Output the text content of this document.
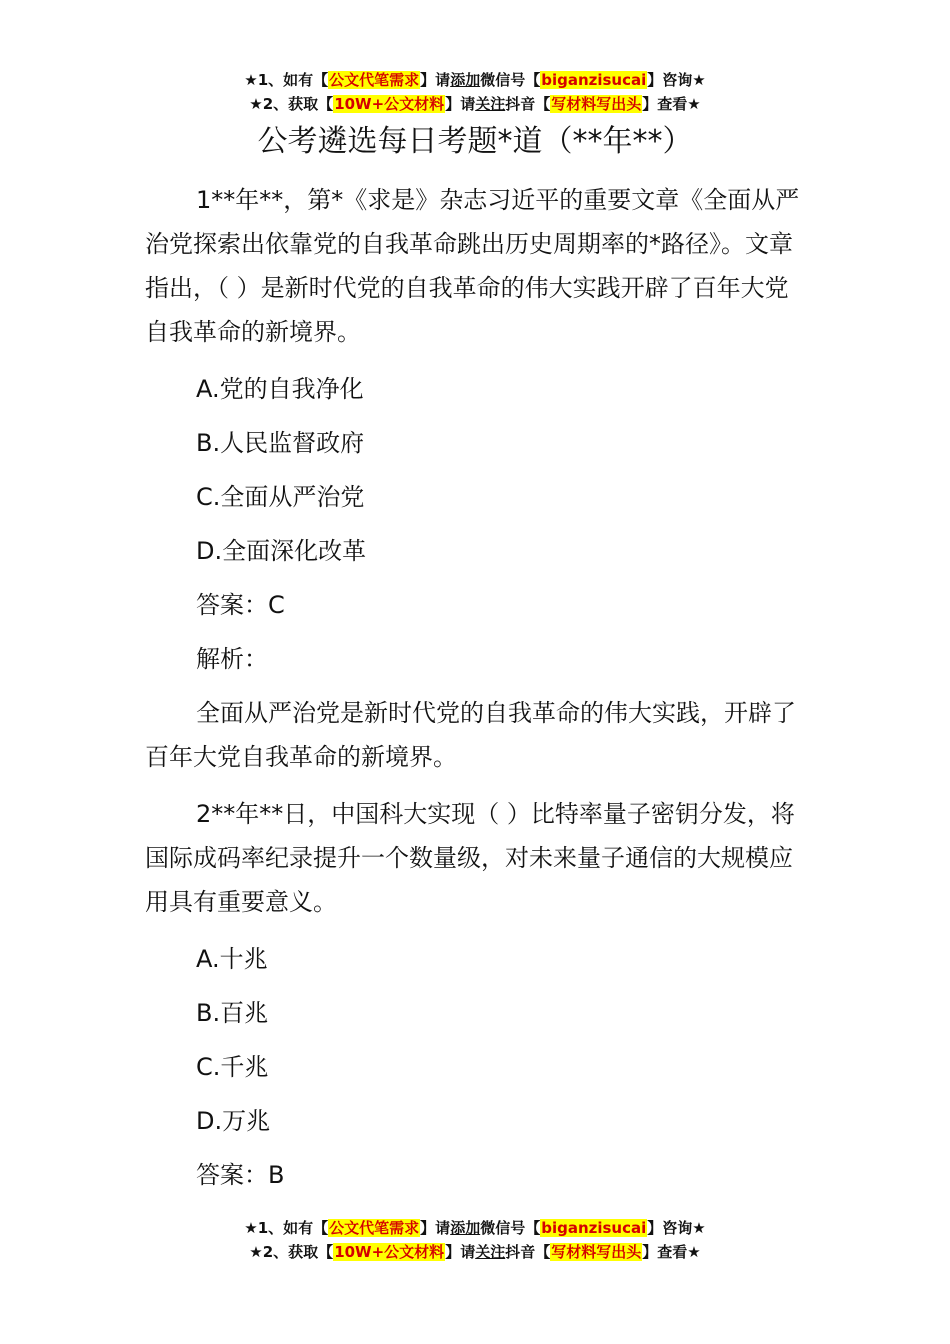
★1、如有【公文代笔需求】请添加微信号【biganzisucai】咨询★
★2、获取【10W+公文材料】请关注抖音【写材料写出头】查看★
公考遴选每日考题*道（**年**）

1**年**，第*《求是》杂志习近平的重要文章《全面从严治党探索出依靠党的自我革命跳出历史周期率的*路径》。文章指出，（ ）是新时代党的自我革命的伟大实践开辟了百年大党自我革命的新境界。

A.党的自我净化
B.人民监督政府
C.全面从严治党
D.全面深化改革
答案：C
解析：

全面从严治党是新时代党的自我革命的伟大实践，开辟了百年大党自我革命的新境界。

2**年**日，中国科大实现（ ）比特率量子密钥分发，将国际成码率纪录提升一个数量级，对未来量子通信的大规模应用具有重要意义。

A.十兆
B.百兆
C.千兆
D.万兆
答案：B
★1、如有【公文代笔需求】请添加微信号【biganzisucai】咨询★
★2、获取【10W+公文材料】请关注抖音【写材料写出头】查看★
